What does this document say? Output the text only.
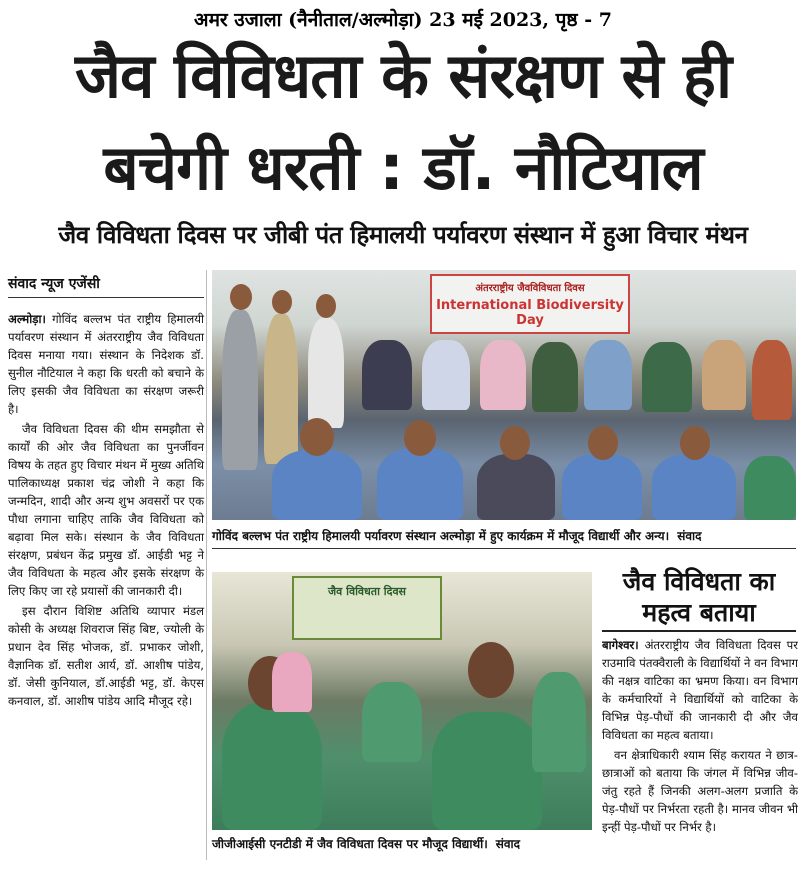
अमर उजाला (नैनीताल/अल्मोड़ा) 23 मई 2023, पृष्ठ - 7
जैव विविधता के संरक्षण से ही
बचेगी धरती : डॉ. नौटियाल
जैव विविधता दिवस पर जीबी पंत हिमालयी पर्यावरण संस्थान में हुआ विचार मंथन
संवाद न्यूज एजेंसी

अल्मोड़ा। गोविंद बल्लभ पंत राष्ट्रीय हिमालयी पर्यावरण संस्थान में अंतरराष्ट्रीय जैव विविधता दिवस मनाया गया। संस्थान के निदेशक डॉ. सुनील नौटियाल ने कहा कि धरती को बचाने के लिए इसकी जैव विविधता का संरक्षण जरूरी है।

जैव विविधता दिवस की थीम समझौता से कार्यों की ओर जैव विविधता का पुनर्जीवन विषय के तहत हुए विचार मंथन में मुख्य अतिथि पालिकाध्यक्ष प्रकाश चंद्र जोशी ने कहा कि जन्मदिन, शादी और अन्य शुभ अवसरों पर एक पौधा लगाना चाहिए ताकि जैव विविधता को बढ़ावा मिल सके। संस्थान के जैव विविधता संरक्षण, प्रबंधन केंद्र प्रमुख डॉ. आईडी भट्ट ने जैव विविधता के महत्व और इसके संरक्षण के लिए किए जा रहे प्रयासों की जानकारी दी।

इस दौरान विशिष्ट अतिथि व्यापार मंडल कोसी के अध्यक्ष शिवराज सिंह बिष्ट, ज्योली के प्रधान देव सिंह भोजक, डॉ. प्रभाकर जोशी, वैज्ञानिक डॉ. सतीश आर्य, डॉ. आशीष पांडेय, डॉ. जेसी कुनियाल, डॉ.आईडी भट्ट, डॉ. केएस कनवाल, डॉ. आशीष पांडेय आदि मौजूद रहे।

अंतरराष्ट्रीय जैवविविधता दिवस
International Biodiversity Day
गोविंद बल्लभ पंत राष्ट्रीय हिमालयी पर्यावरण संस्थान अल्मोड़ा में हुए कार्यक्रम में मौजूद विद्यार्थी और अन्य। संवाद
जैव विविधता दिवस
जीजीआईसी एनटीडी में जैव विविधता दिवस पर मौजूद विद्यार्थी। संवाद
जैव विविधता का महत्व बताया

बागेश्वर। अंतरराष्ट्रीय जैव विविधता दिवस पर राउमावि पंतक्वैराली के विद्यार्थियों ने वन विभाग की नक्षत्र वाटिका का भ्रमण किया। वन विभाग के कर्मचारियों ने विद्यार्थियों को वाटिका के विभिन्न पेड़-पौधों की जानकारी दी और जैव विविधता का महत्व बताया।

वन क्षेत्राधिकारी श्याम सिंह करायत ने छात्र-छात्राओं को बताया कि जंगल में विभिन्न जीव-जंतु रहते हैं जिनकी अलग-अलग प्रजाति के पेड़-पौधों पर निर्भरता रहती है। मानव जीवन भी इन्हीं पेड़-पौधों पर निर्भर है।
